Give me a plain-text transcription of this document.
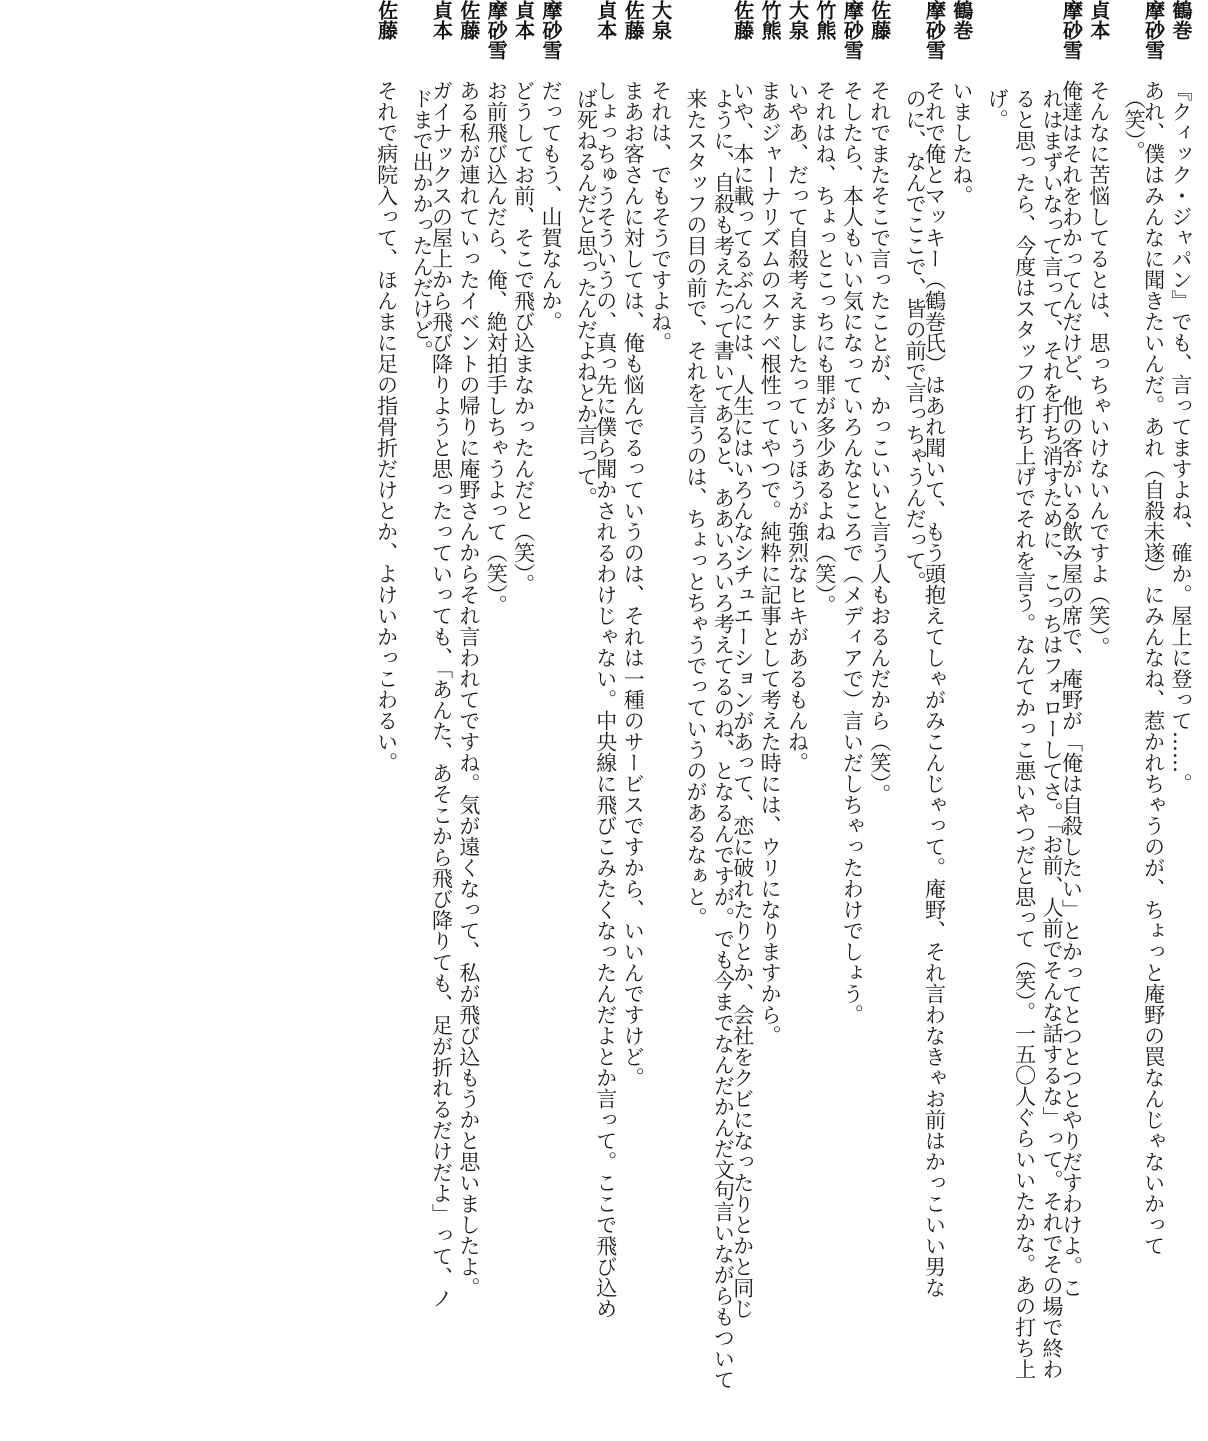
鶴巻『クィック・ジャパン』でも、言ってますよね、確か。屋上に登って……。
摩砂雪あれ、僕はみんなに聞きたいんだ。あれ（自殺未遂）にみんなね、惹かれちゃうのが、ちょっと庵野の罠なんじゃないかって
（笑）。
貞本そんなに苦悩してるとは、思っちゃいけないんですよ（笑）。
摩砂雪俺達はそれをわかってんだけど、他の客がいる飲み屋の席で、庵野が「俺は自殺したい」とかってとつとつとやりだすわけよ。こ
れはまずいなって言って、それを打ち消すために、こっちはフォローしてさ。「お前、人前でそんな話するな」って。それでその場で終わ
ると思ったら、今度はスタッフの打ち上げでそれを言う。なんてかっこ悪いやつだと思って（笑）。一五〇人ぐらいいたかな。あの打ち上
げ。
鶴巻いましたね。
摩砂雪それで俺とマッキー（鶴巻氏）はあれ聞いて、もう頭抱えてしゃがみこんじゃって。庵野、それ言わなきゃお前はかっこいい男な
のに、なんでここで、皆の前で言っちゃうんだって。
佐藤それでまたそこで言ったことが、かっこいいと言う人もおるんだから（笑）。
摩砂雪そしたら、本人もいい気になっていろんなところで（メディアで）言いだしちゃったわけでしょう。
竹熊それはね、ちょっとこっちにも罪が多少あるよね（笑）。
大泉いやあ、だって自殺考えましたっていうほうが強烈なヒキがあるもんね。
竹熊まあジャーナリズムのスケベ根性ってやつで。純粋に記事として考えた時には、ウリになりますから。
佐藤いや、本に載ってるぶんには、人生にはいろんなシチュエーションがあって、恋に破れたりとか、会社をクビになったりとかと同じ
ように、自殺も考えたって書いてあると、ああいろいろ考えてるのね、となるんですが。でも今までなんだかんだ文句言いながらもついて
来たスタッフの目の前で、それを言うのは、ちょっとちゃうでっていうのがあるなぁと。
大泉それは、でもそうですよね。
佐藤まあお客さんに対しては、俺も悩んでるっていうのは、それは一種のサービスですから、いいんですけど。
貞本しょっちゅうそういうの、真っ先に僕ら聞かされるわけじゃない。中央線に飛びこみたくなったんだよとか言って。ここで飛び込め
ば死ねるんだと思ったんだよねとか言って。
摩砂雪だってもう、山賀なんか。
貞本どうしてお前、そこで飛び込まなかったんだと（笑）。
摩砂雪お前飛び込んだら、俺、絶対拍手しちゃうよって（笑）。
佐藤ある私が連れていったイベントの帰りに庵野さんからそれ言われてですね。気が遠くなって、私が飛び込もうかと思いましたよ。
貞本ガイナックスの屋上から飛び降りようと思ったっていっても、「あんた、あそこから飛び降りても、足が折れるだけだよ」って、ノ
ドまで出かかったんだけど。
佐藤それで病院入って、ほんまに足の指骨折だけとか、よけいかっこわるい。
